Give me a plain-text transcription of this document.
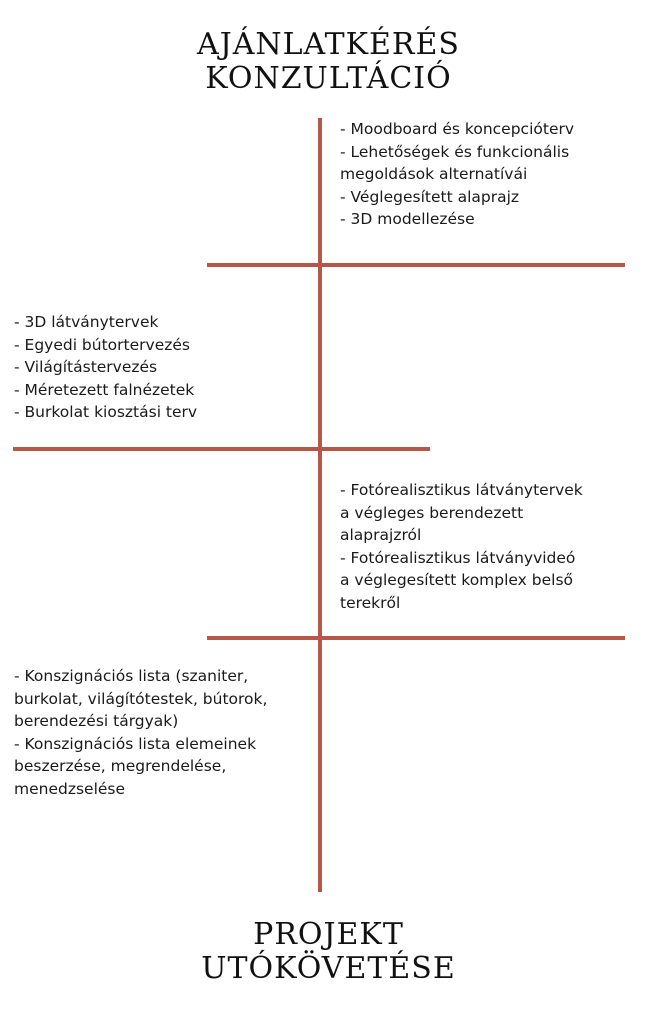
AJÁNLATKÉRÉS
KONZULTÁCIÓ
- Moodboard és koncepcióterv
- Lehetőségek és funkcionális
megoldások alternatívái
- Véglegesített alaprajz
- 3D modellezése
- 3D látványtervek
- Egyedi bútortervezés
- Világítástervezés
- Méretezett falnézetek
- Burkolat kiosztási terv
- Fotórealisztikus látványtervek
a végleges berendezett
alaprajzról
- Fotórealisztikus látványvideó
a véglegesített komplex belső
terekről
- Konszignációs lista (szaniter,
burkolat, világítótestek, bútorok,
berendezési tárgyak)
- Konszignációs lista elemeinek
beszerzése, megrendelése,
menedzselése
PROJEKT
UTÓKÖVETÉSE
